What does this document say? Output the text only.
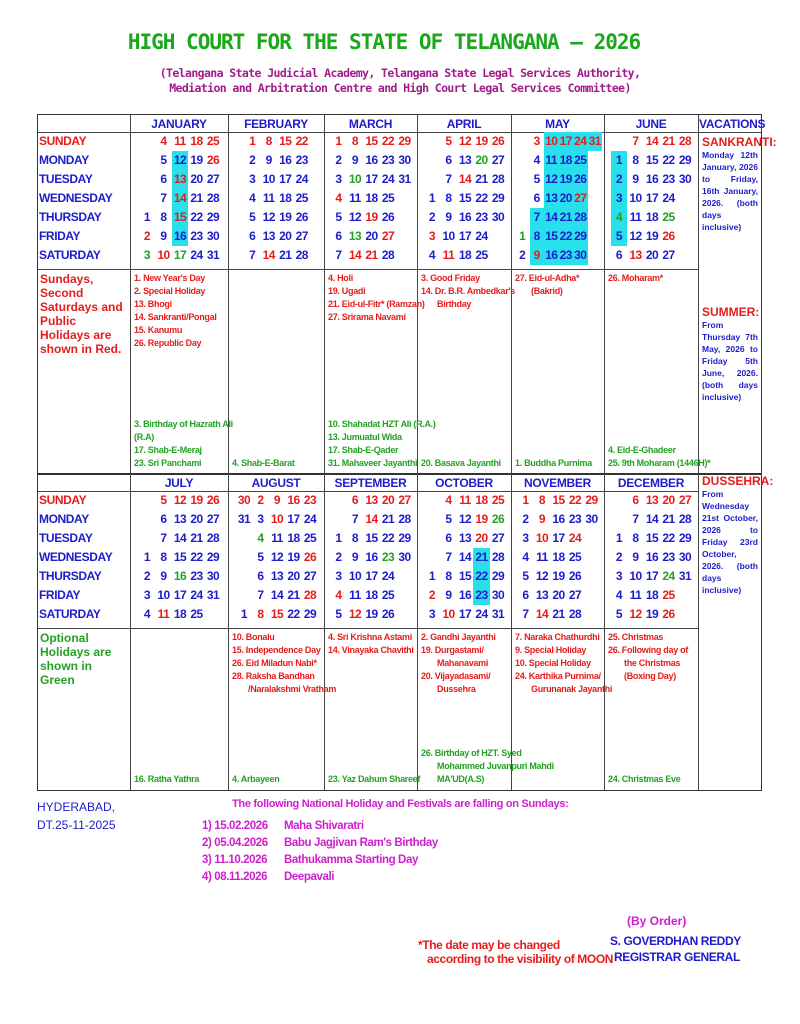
HIGH COURT FOR THE STATE OF TELANGANA – 2026
(Telangana State Judicial Academy, Telangana State Legal Services Authority,
Mediation and Arbitration Centre and High Court Legal Services Committee)
VACATIONS
SUNDAY
MONDAY
TUESDAY
WEDNESDAY
THURSDAY
FRIDAY
SATURDAY
JANUARY
1
2
3
4
5
6
7
8
9
10
11
12
13
14
15
16
17
18
19
20
21
22
23
24
25
26
27
28
29
30
31
1. New Year's Day
2. Special Holiday
13. Bhogi
14. Sankranti/Pongal
15. Kanumu
26. Republic Day
3. Birthday of Hazrath Ali
(R.A)
17. Shab-E-Meraj
23. Sri Panchami
FEBRUARY
1
2
3
4
5
6
7
8
9
10
11
12
13
14
15
16
17
18
19
20
21
22
23
24
25
26
27
28
4. Shab-E-Barat
MARCH
1
2
3
4
5
6
7
8
9
10
11
12
13
14
15
16
17
18
19
20
21
22
23
24
25
26
27
28
29
30
31
4. Holi
19. Ugadi
21. Eid-ul-Fitr* (Ramzan)
27. Srirama Navami
10. Shahadat HZT Ali (R.A.)
13. Jumuatul Wida
17. Shab-E-Qader
31. Mahaveer Jayanthi
APRIL
1
2
3
4
5
6
7
8
9
10
11
12
13
14
15
16
17
18
19
20
21
22
23
24
25
26
27
28
29
30
3. Good Friday
14. Dr. B.R. Ambedkar's
Birthday
20. Basava Jayanthi
MAY
1
2
3
4
5
6
7
8
9
10
11
12
13
14
15
16
17
18
19
20
21
22
23
24
25
26
27
28
29
30
31
27. Eid-ul-Adha*
(Bakrid)
1. Buddha Purnima
JUNE
1
2
3
4
5
6
7
8
9
10
11
12
13
14
15
16
17
18
19
20
21
22
23
24
25
26
27
28
29
30
26. Moharam*
4. Eid-E-Ghadeer
25. 9th Moharam (1446H)*
Sundays,
Second
Saturdays and
Public
Holidays are
shown in Red.
SANKRANTI:
Monday 12th January, 2026 to Friday, 16th January, 2026. (both days inclusive)
SUMMER:
From Thursday 7th May, 2026 to Friday 5th June, 2026. (both days inclusive)
SUNDAY
MONDAY
TUESDAY
WEDNESDAY
THURSDAY
FRIDAY
SATURDAY
JULY
1
2
3
4
5
6
7
8
9
10
11
12
13
14
15
16
17
18
19
20
21
22
23
24
25
26
27
28
29
30
31
16. Ratha Yathra
AUGUST
30
31
1
2
3
4
5
6
7
8
9
10
11
12
13
14
15
16
17
18
19
20
21
22
23
24
25
26
27
28
29
10. Bonalu
15. Independence Day
26. Eid Miladun Nabi*
28. Raksha Bandhan
/Naralakshmi Vratham
4. Arbayeen
SEPTEMBER
1
2
3
4
5
6
7
8
9
10
11
12
13
14
15
16
17
18
19
20
21
22
23
24
25
26
27
28
29
30
4. Sri Krishna Astami
14. Vinayaka Chavithi
23. Yaz Dahum Shareef
OCTOBER
1
2
3
4
5
6
7
8
9
10
11
12
13
14
15
16
17
18
19
20
21
22
23
24
25
26
27
28
29
30
31
2. Gandhi Jayanthi
19. Durgastami/
Mahanavami
20. Vijayadasami/
Dussehra
26. Birthday of HZT. Syed
Mohammed Juvanpuri Mahdi
MA'UD(A.S)
NOVEMBER
1
2
3
4
5
6
7
8
9
10
11
12
13
14
15
16
17
18
19
20
21
22
23
24
25
26
27
28
29
30
7. Naraka Chathurdhi
9. Special Holiday
10. Special Holiday
24. Karthika Purnima/
Gurunanak Jayanthi
DECEMBER
1
2
3
4
5
6
7
8
9
10
11
12
13
14
15
16
17
18
19
20
21
22
23
24
25
26
27
28
29
30
31
25. Christmas
26. Following day of
the Christmas
(Boxing Day)
24. Christmas Eve
Optional
Holidays are
shown in
Green
DUSSEHRA:
From Wednesday 21st October, 2026 to Friday 23rd October, 2026. (both days inclusive)
HYDERABAD,
DT.25-11-2025
The following National Holiday and Festivals are falling on Sundays:
1) 15.02.2026 Maha Shivaratri
2) 05.04.2026 Babu Jagjivan Ram's Birthday
3) 11.10.2026 Bathukamma Starting Day
4) 08.11.2026 Deepavali
*The date may be changed
according to the visibility of MOON
(By Order)
S. GOVERDHAN REDDY
REGISTRAR GENERAL
